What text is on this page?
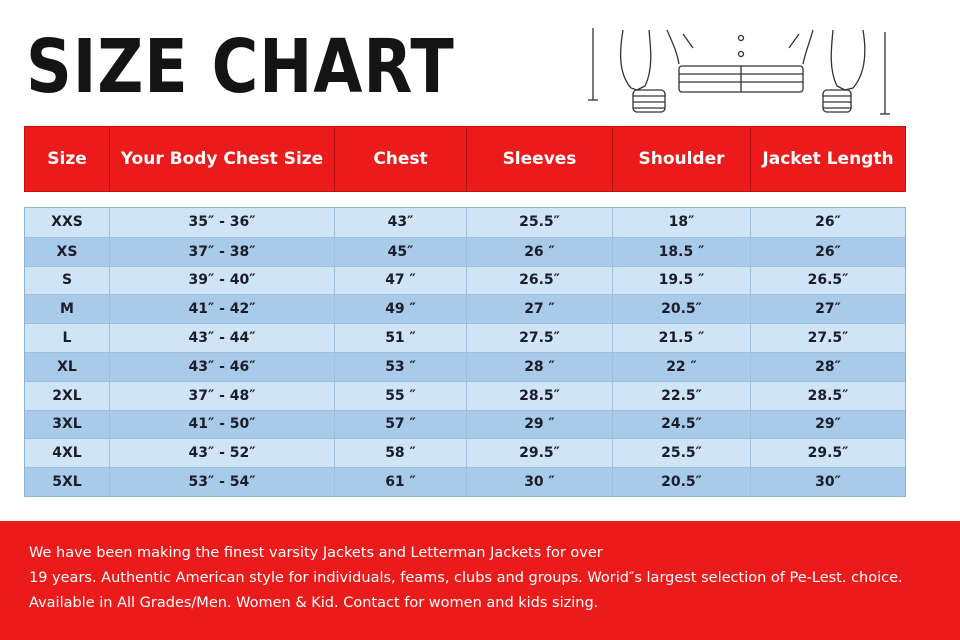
SIZE CHART
Size	Your Body Chest Size	Chest	Sleeves	Shoulder	Jacket Length
XXS	35″ - 36″	43″	25.5″	18″	26″
XS	37″ - 38″	45″	26 ″	18.5 ″	26″
S	39″ - 40″	47 ″	26.5″	19.5 ″	26.5″
M	41″ - 42″	49 ″	27 ″	20.5″	27″
L	43″ - 44″	51 ″	27.5″	21.5 ″	27.5″
XL	43″ - 46″	53 ″	28 ″	22 ″	28″
2XL	37″ - 48″	55 ″	28.5″	22.5″	28.5″
3XL	41″ - 50″	57 ″	29 ″	24.5″	29″
4XL	43″ - 52″	58 ″	29.5″	25.5″	29.5″
5XL	53″ - 54″	61 ″	30 ″	20.5″	30″

We have been making the finest varsity Jackets and Letterman Jackets for over

19 years. Authentic American style for individuals, feams, clubs and groups. Worid″s largest selection of Pe-Lest. choice.

Available in All Grades/Men. Women & Kid. Contact for women and kids sizing.
